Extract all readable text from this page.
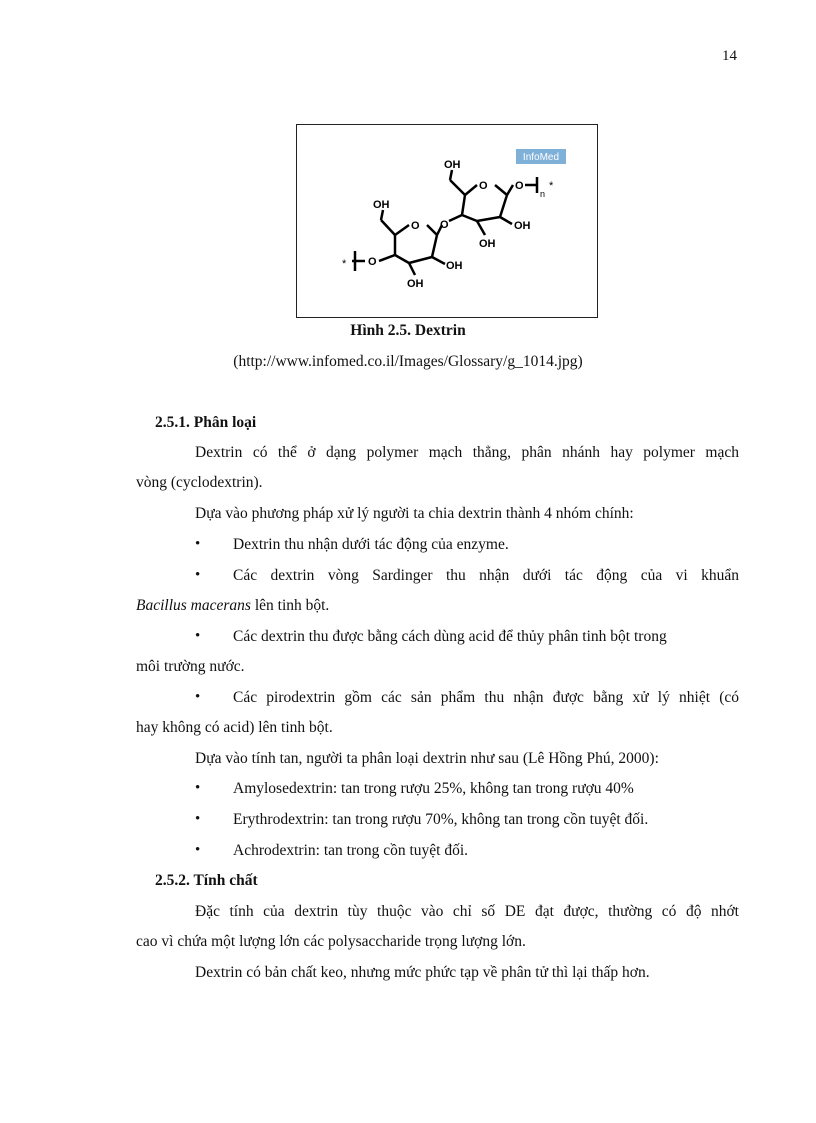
14
InfoMed
OH
OH
O
O O
O
O
n
*
*
OH
OH
OH
OH
Hình 2.5. Dextrin
(http://www.infomed.co.il/Images/Glossary/g_1014.jpg)
2.5.1. Phân loại
Dextrin có thể ở dạng polymer mạch thẳng, phân nhánh hay polymer mạch
vòng (cyclodextrin).
Dựa vào phương pháp xử lý người ta chia dextrin thành 4 nhóm chính:
• Dextrin thu nhận dưới tác động của enzyme.
• Các dextrin vòng Sardinger thu nhận dưới tác động của vi khuẩn
Bacillus macerans lên tinh bột.
• Các dextrin thu được bằng cách dùng acid để thủy phân tinh bột trong
môi trường nước.
• Các pirodextrin gồm các sản phẩm thu nhận được bằng xử lý nhiệt (có
hay không có acid) lên tinh bột.
Dựa vào tính tan, người ta phân loại dextrin như sau (Lê Hồng Phú, 2000):
• Amylosedextrin: tan trong rượu 25%, không tan trong rượu 40%
• Erythrodextrin: tan trong rượu 70%, không tan trong cồn tuyệt đối.
• Achrodextrin: tan trong cồn tuyệt đối.
2.5.2. Tính chất
Đặc tính của dextrin tùy thuộc vào chỉ số DE đạt được, thường có độ nhớt
cao vì chứa một lượng lớn các polysaccharide trọng lượng lớn.
Dextrin có bản chất keo, nhưng mức phức tạp về phân tử thì lại thấp hơn.
